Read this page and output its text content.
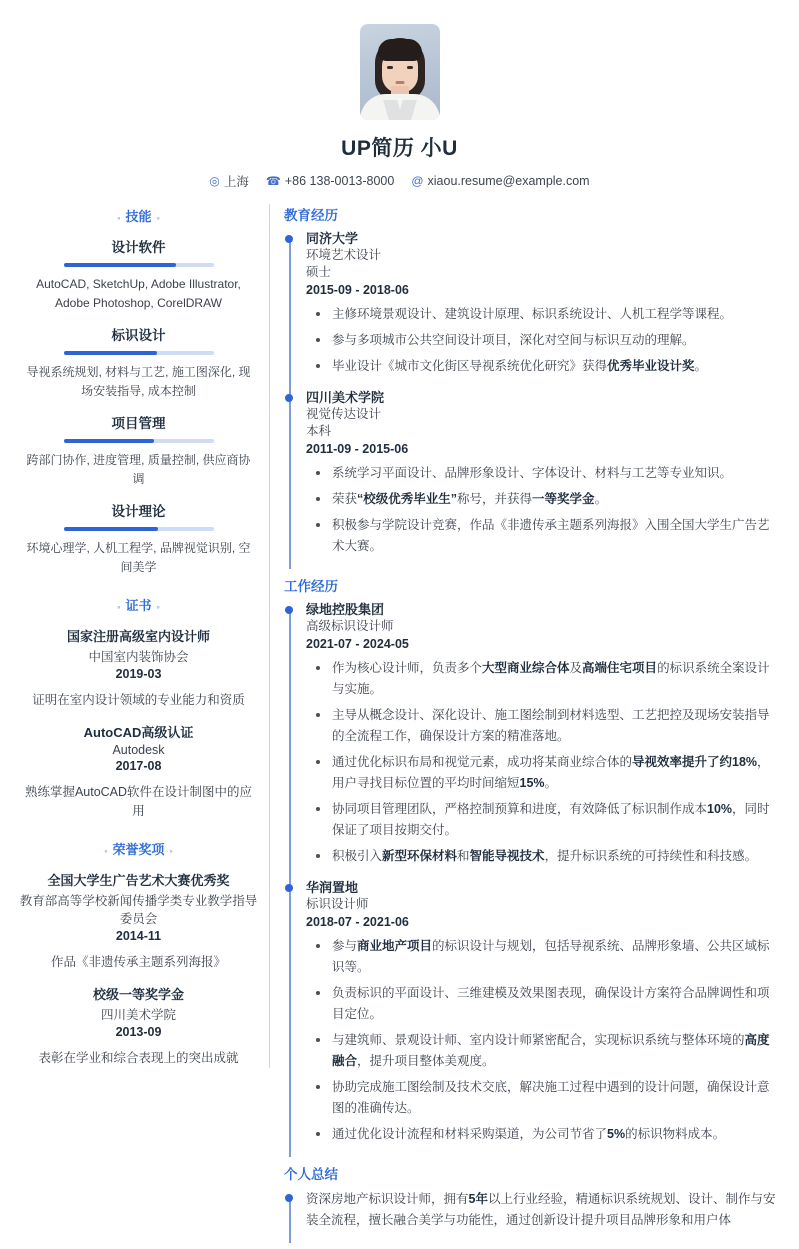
UP简历 小U
◎ 上海 ☎ +86 138-0013-8000 @ xiaou.resume@example.com
◦ 技能 ◦
设计软件
AutoCAD, SketchUp, Adobe Illustrator, Adobe Photoshop, CorelDRAW
标识设计
导视系统规划, 材料与工艺, 施工图深化, 现场安装指导, 成本控制
项目管理
跨部门协作, 进度管理, 质量控制, 供应商协调
设计理论
环境心理学, 人机工程学, 品牌视觉识别, 空间美学
◦ 证书 ◦
国家注册高级室内设计师
中国室内装饰协会
2019-03
证明在室内设计领域的专业能力和资质
AutoCAD高级认证
Autodesk
2017-08
熟练掌握AutoCAD软件在设计制图中的应用
◦ 荣誉奖项 ◦
全国大学生广告艺术大赛优秀奖
教育部高等学校新闻传播学类专业教学指导委员会
2014-11
作品《非遗传承主题系列海报》
校级一等奖学金
四川美术学院
2013-09
表彰在学业和综合表现上的突出成就
教育经历
同济大学
环境艺术设计
硕士
2015-09 - 2018-06
主修环境景观设计、建筑设计原理、标识系统设计、人机工程学等课程。
参与多项城市公共空间设计项目，深化对空间与标识互动的理解。
毕业设计《城市文化街区导视系统优化研究》获得优秀毕业设计奖。
四川美术学院
视觉传达设计
本科
2011-09 - 2015-06
系统学习平面设计、品牌形象设计、字体设计、材料与工艺等专业知识。
荣获“校级优秀毕业生”称号，并获得一等奖学金。
积极参与学院设计竞赛，作品《非遗传承主题系列海报》入围全国大学生广告艺术大赛。
工作经历
绿地控股集团
高级标识设计师
2021-07 - 2024-05
作为核心设计师，负责多个大型商业综合体及高端住宅项目的标识系统全案设计与实施。
主导从概念设计、深化设计、施工图绘制到材料选型、工艺把控及现场安装指导的全流程工作，确保设计方案的精准落地。
通过优化标识布局和视觉元素，成功将某商业综合体的导视效率提升了约18%，用户寻找目标位置的平均时间缩短15%。
协同项目管理团队，严格控制预算和进度，有效降低了标识制作成本10%，同时保证了项目按期交付。
积极引入新型环保材料和智能导视技术，提升标识系统的可持续性和科技感。
华润置地
标识设计师
2018-07 - 2021-06
参与商业地产项目的标识设计与规划，包括导视系统、品牌形象墙、公共区域标识等。
负责标识的平面设计、三维建模及效果图表现，确保设计方案符合品牌调性和项目定位。
与建筑师、景观设计师、室内设计师紧密配合，实现标识系统与整体环境的高度融合，提升项目整体美观度。
协助完成施工图绘制及技术交底，解决施工过程中遇到的设计问题，确保设计意图的准确传达。
通过优化设计流程和材料采购渠道，为公司节省了5%的标识物料成本。
个人总结
资深房地产标识设计师，拥有5年以上行业经验，精通标识系统规划、设计、制作与安装全流程，擅长融合美学与功能性，通过创新设计提升项目品牌形象和用户体
